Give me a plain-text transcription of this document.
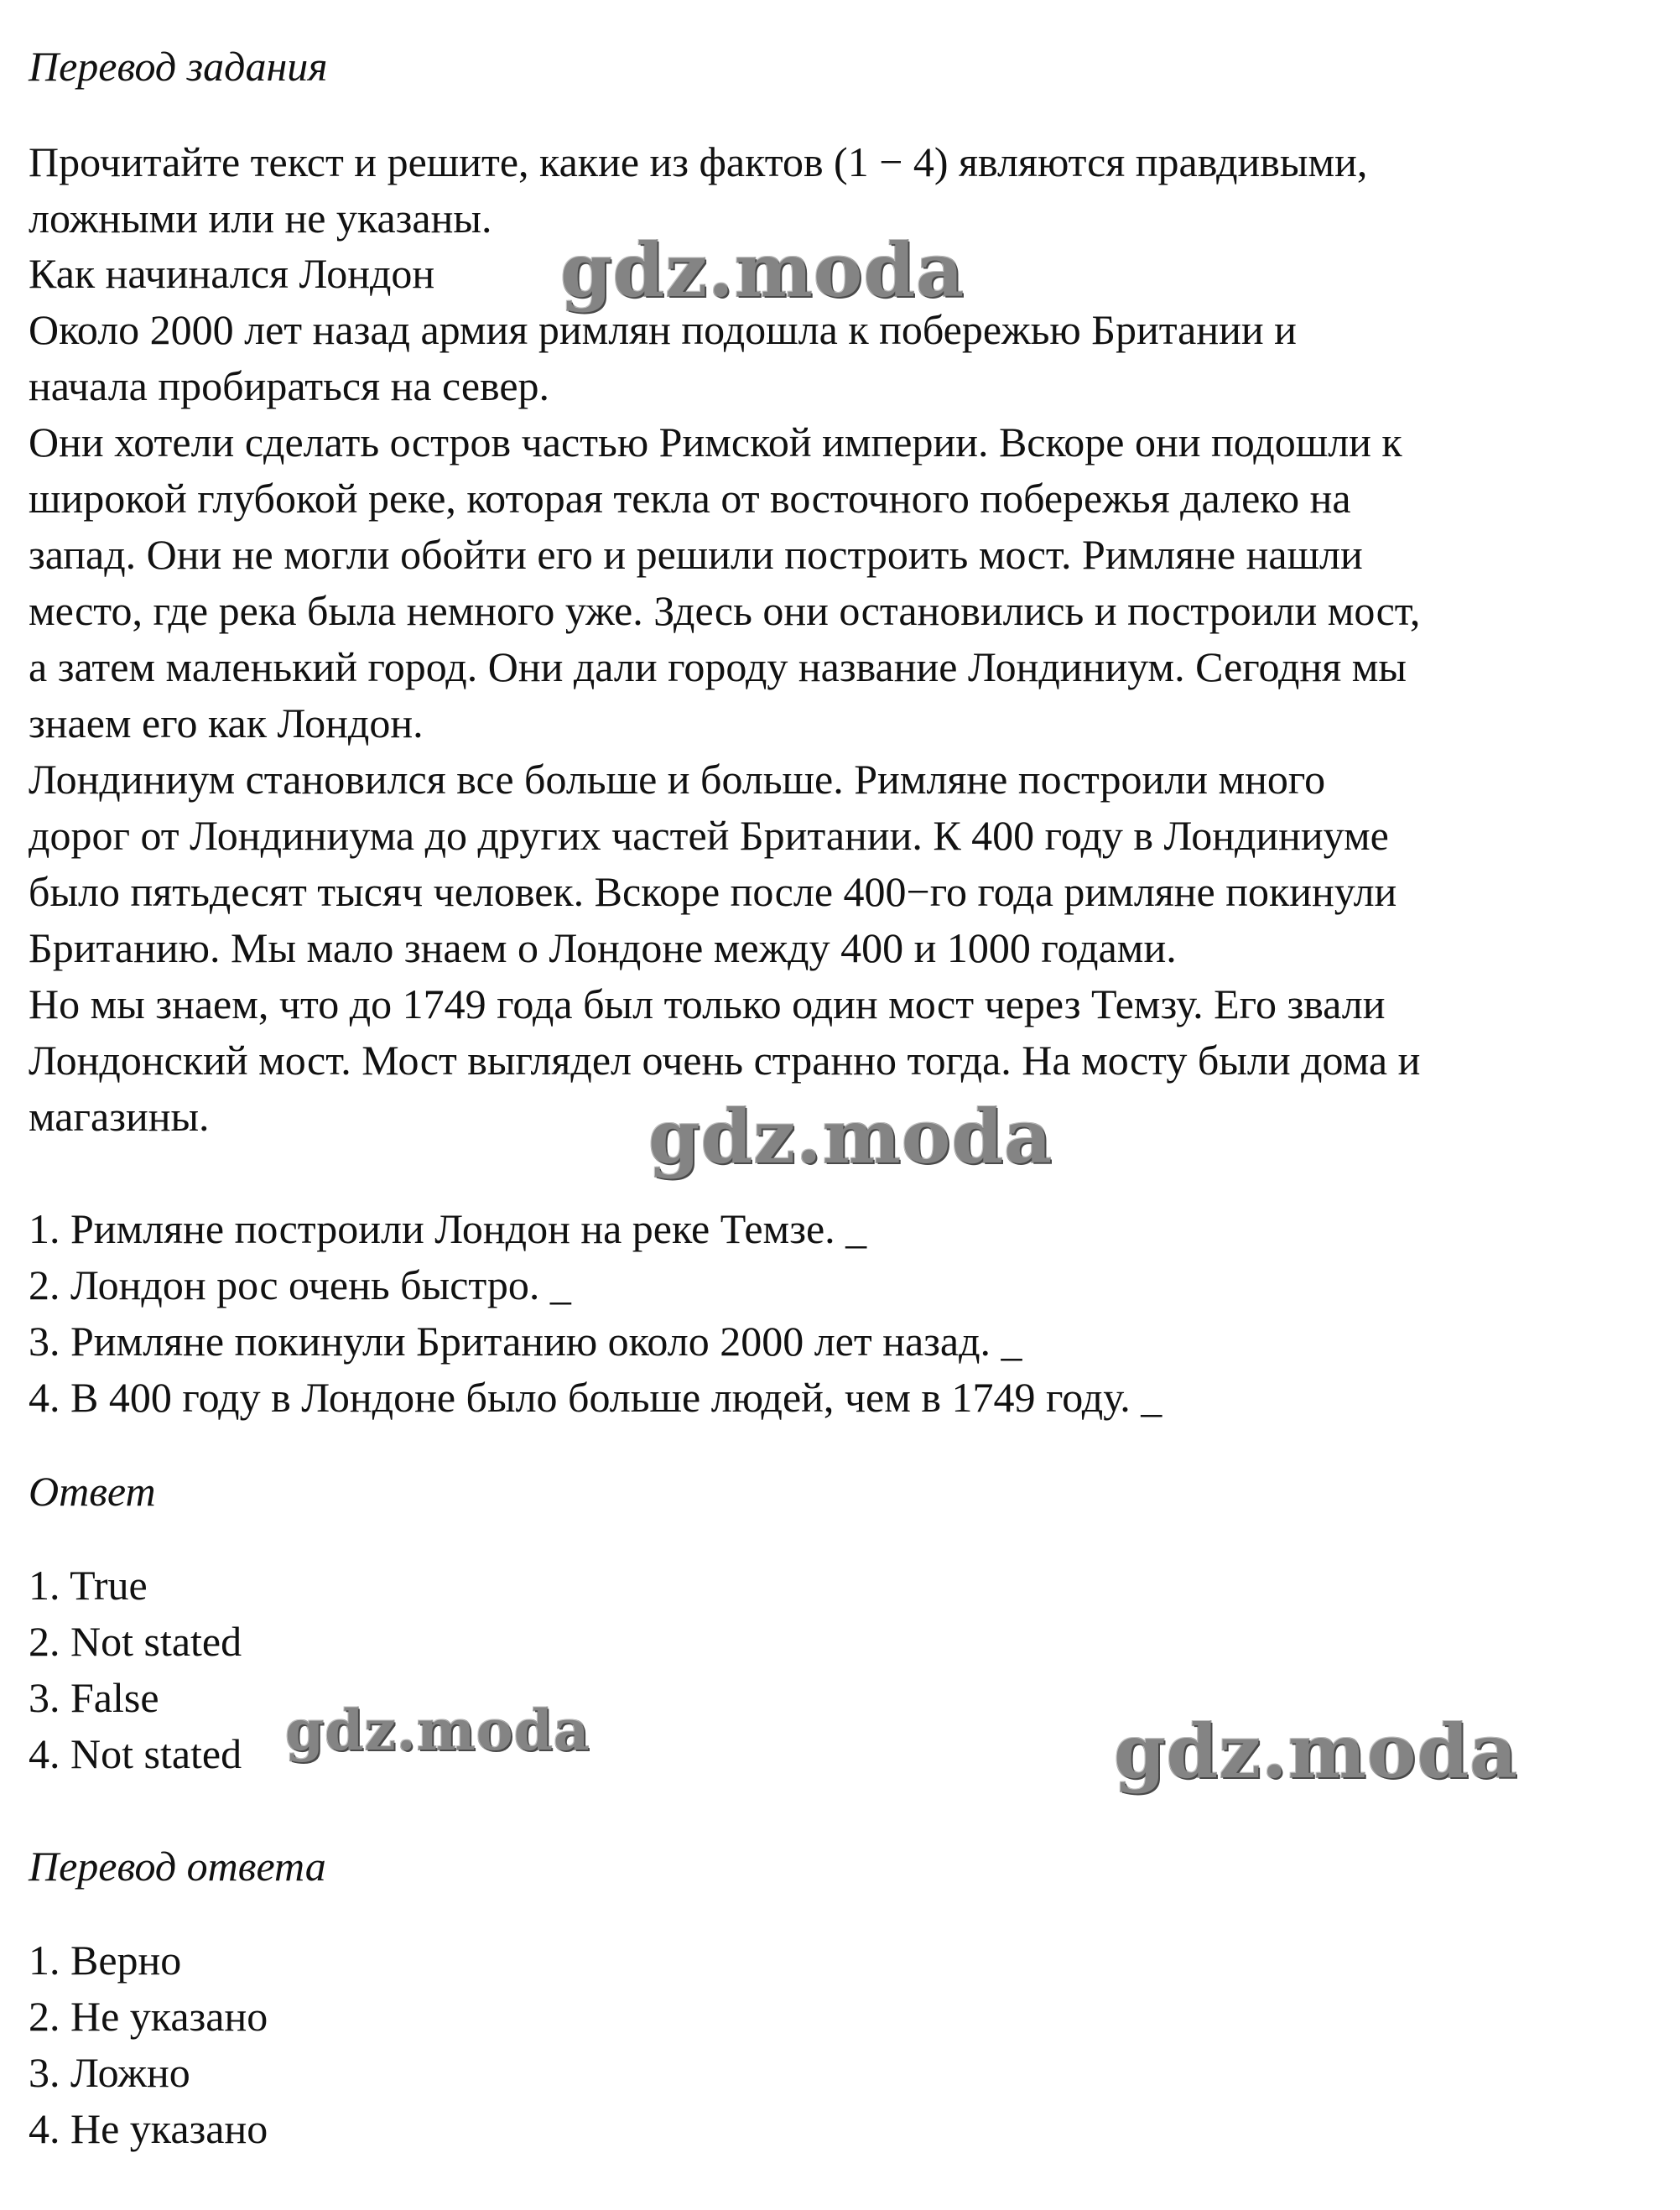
Перевод задания
Прочитайте текст и решите, какие из фактов (1 − 4) являются правдивыми,
ложными или не указаны.
Как начинался Лондон
Около 2000 лет назад армия римлян подошла к побережью Британии и
начала пробираться на север.
Они хотели сделать остров частью Римской империи. Вскоре они подошли к
широкой глубокой реке, которая текла от восточного побережья далеко на
запад. Они не могли обойти его и решили построить мост. Римляне нашли
место, где река была немного уже. Здесь они остановились и построили мост,
а затем маленький город. Они дали городу название Лондиниум. Сегодня мы
знаем его как Лондон.
Лондиниум становился все больше и больше. Римляне построили много
дорог от Лондиниума до других частей Британии. К 400 году в Лондиниуме
было пятьдесят тысяч человек. Вскоре после 400−го года римляне покинули
Британию. Мы мало знаем о Лондоне между 400 и 1000 годами.
Но мы знаем, что до 1749 года был только один мост через Темзу. Его звали
Лондонский мост. Мост выглядел очень странно тогда. На мосту были дома и
магазины.
1. Римляне построили Лондон на реке Темзе. _
2. Лондон рос очень быстро. _
3. Римляне покинули Британию около 2000 лет назад. _
4. В 400 году в Лондоне было больше людей, чем в 1749 году. _
Ответ
1. True
2. Not stated
3. False
4. Not stated
Перевод ответа
1. Верно
2. Не указано
3. Ложно
4. Не указано
gdz.moda
gdz.moda
gdz.moda	gdz.moda
